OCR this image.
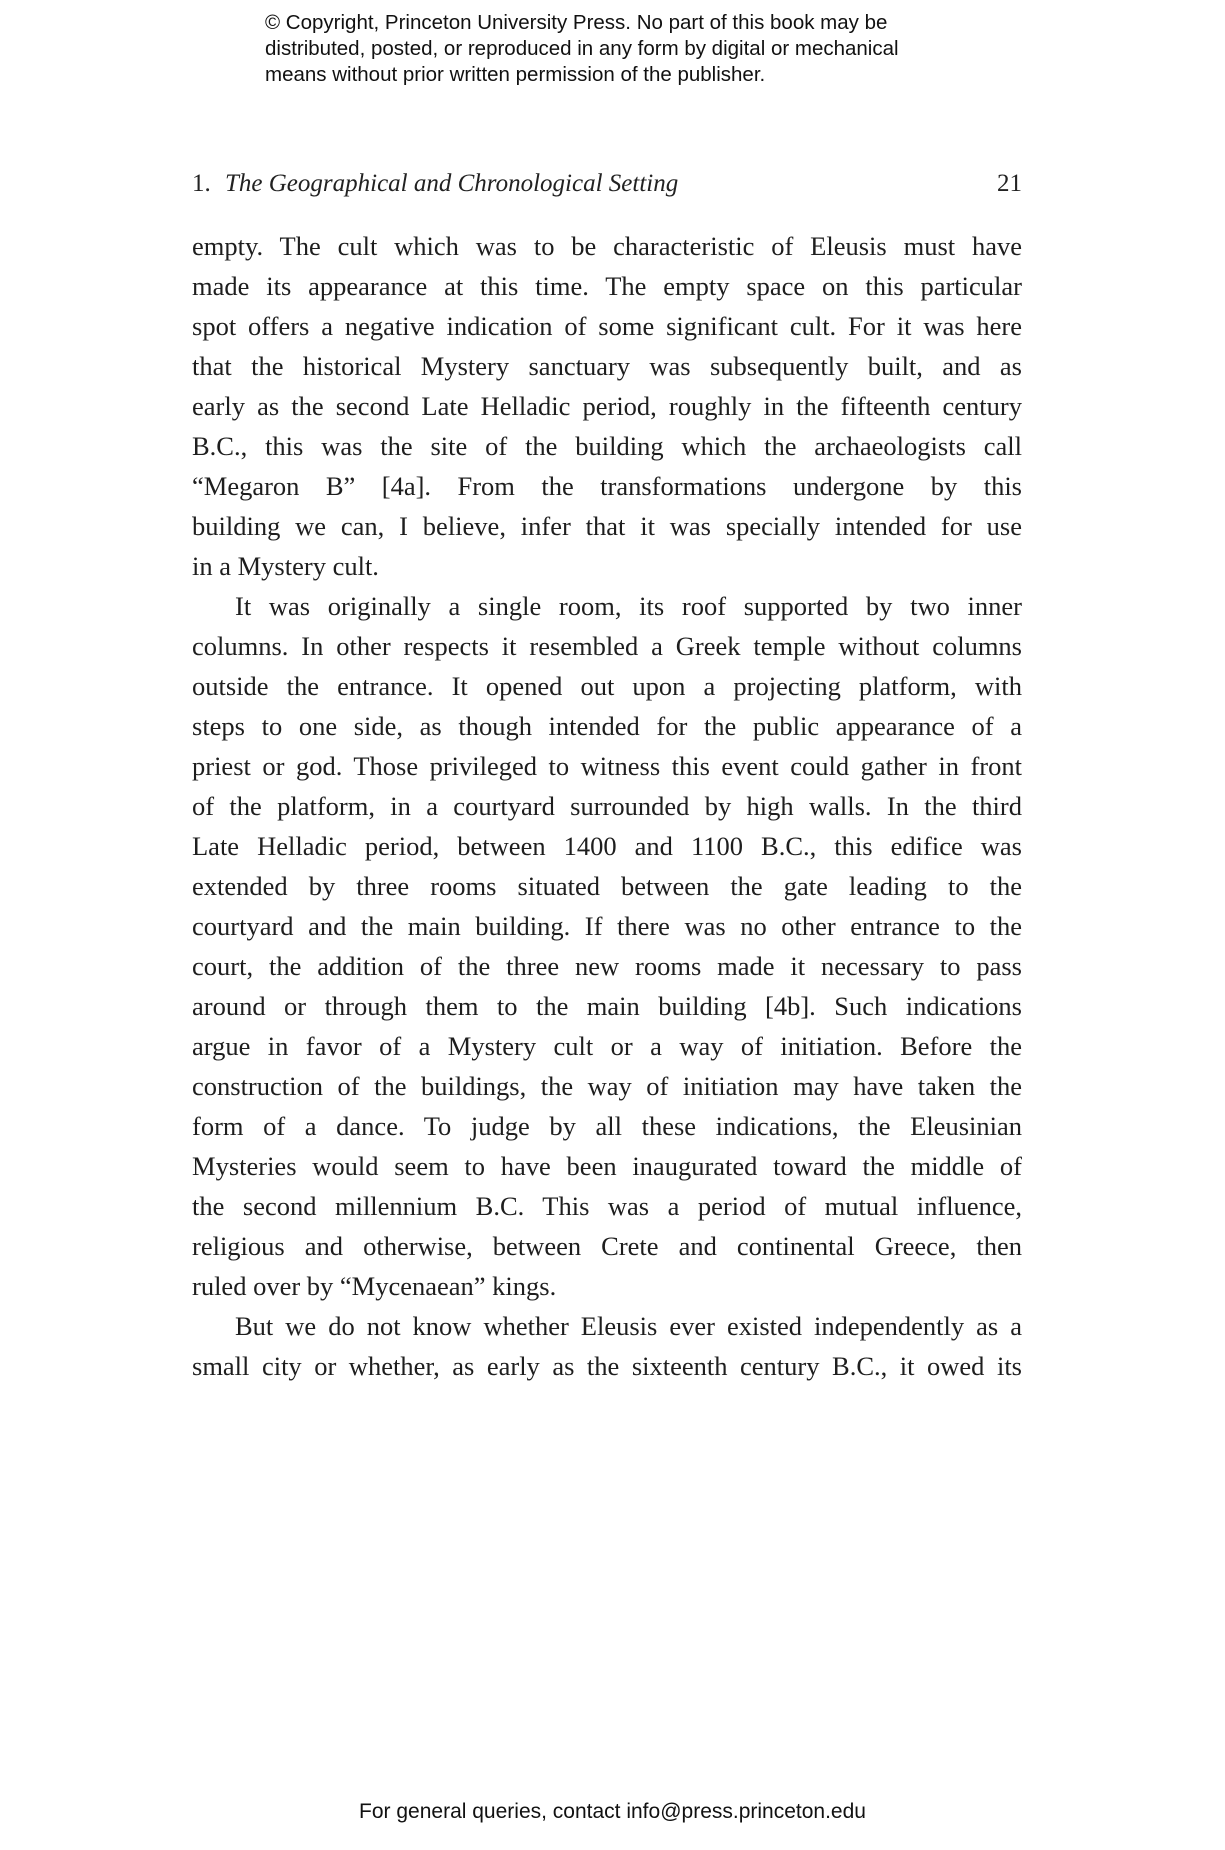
© Copyright, Princeton University Press. No part of this book may be
distributed, posted, or reproduced in any form by digital or mechanical
means without prior written permission of the publisher.
1. The Geographical and Chronological Setting	21

empty. The cult which was to be characteristic of Eleusis must have
made its appearance at this time. The empty space on this particular
spot offers a negative indication of some significant cult. For it was here
that the historical Mystery sanctuary was subsequently built, and as
early as the second Late Helladic period, roughly in the fifteenth century
B.C., this was the site of the building which the archaeologists call
“Megaron B” [4a]. From the transformations undergone by this
building we can, I believe, infer that it was specially intended for use
in a Mystery cult.

It was originally a single room, its roof supported by two inner
columns. In other respects it resembled a Greek temple without columns
outside the entrance. It opened out upon a projecting platform, with
steps to one side, as though intended for the public appearance of a
priest or god. Those privileged to witness this event could gather in front
of the platform, in a courtyard surrounded by high walls. In the third
Late Helladic period, between 1400 and 1100 B.C., this edifice was
extended by three rooms situated between the gate leading to the
courtyard and the main building. If there was no other entrance to the
court, the addition of the three new rooms made it necessary to pass
around or through them to the main building [4b]. Such indications
argue in favor of a Mystery cult or a way of initiation. Before the
construction of the buildings, the way of initiation may have taken the
form of a dance. To judge by all these indications, the Eleusinian
Mysteries would seem to have been inaugurated toward the middle of
the second millennium B.C. This was a period of mutual influence,
religious and otherwise, between Crete and continental Greece, then
ruled over by “Mycenaean” kings.

But we do not know whether Eleusis ever existed independently as a
small city or whether, as early as the sixteenth century B.C., it owed its

For general queries, contact info@press.princeton.edu
